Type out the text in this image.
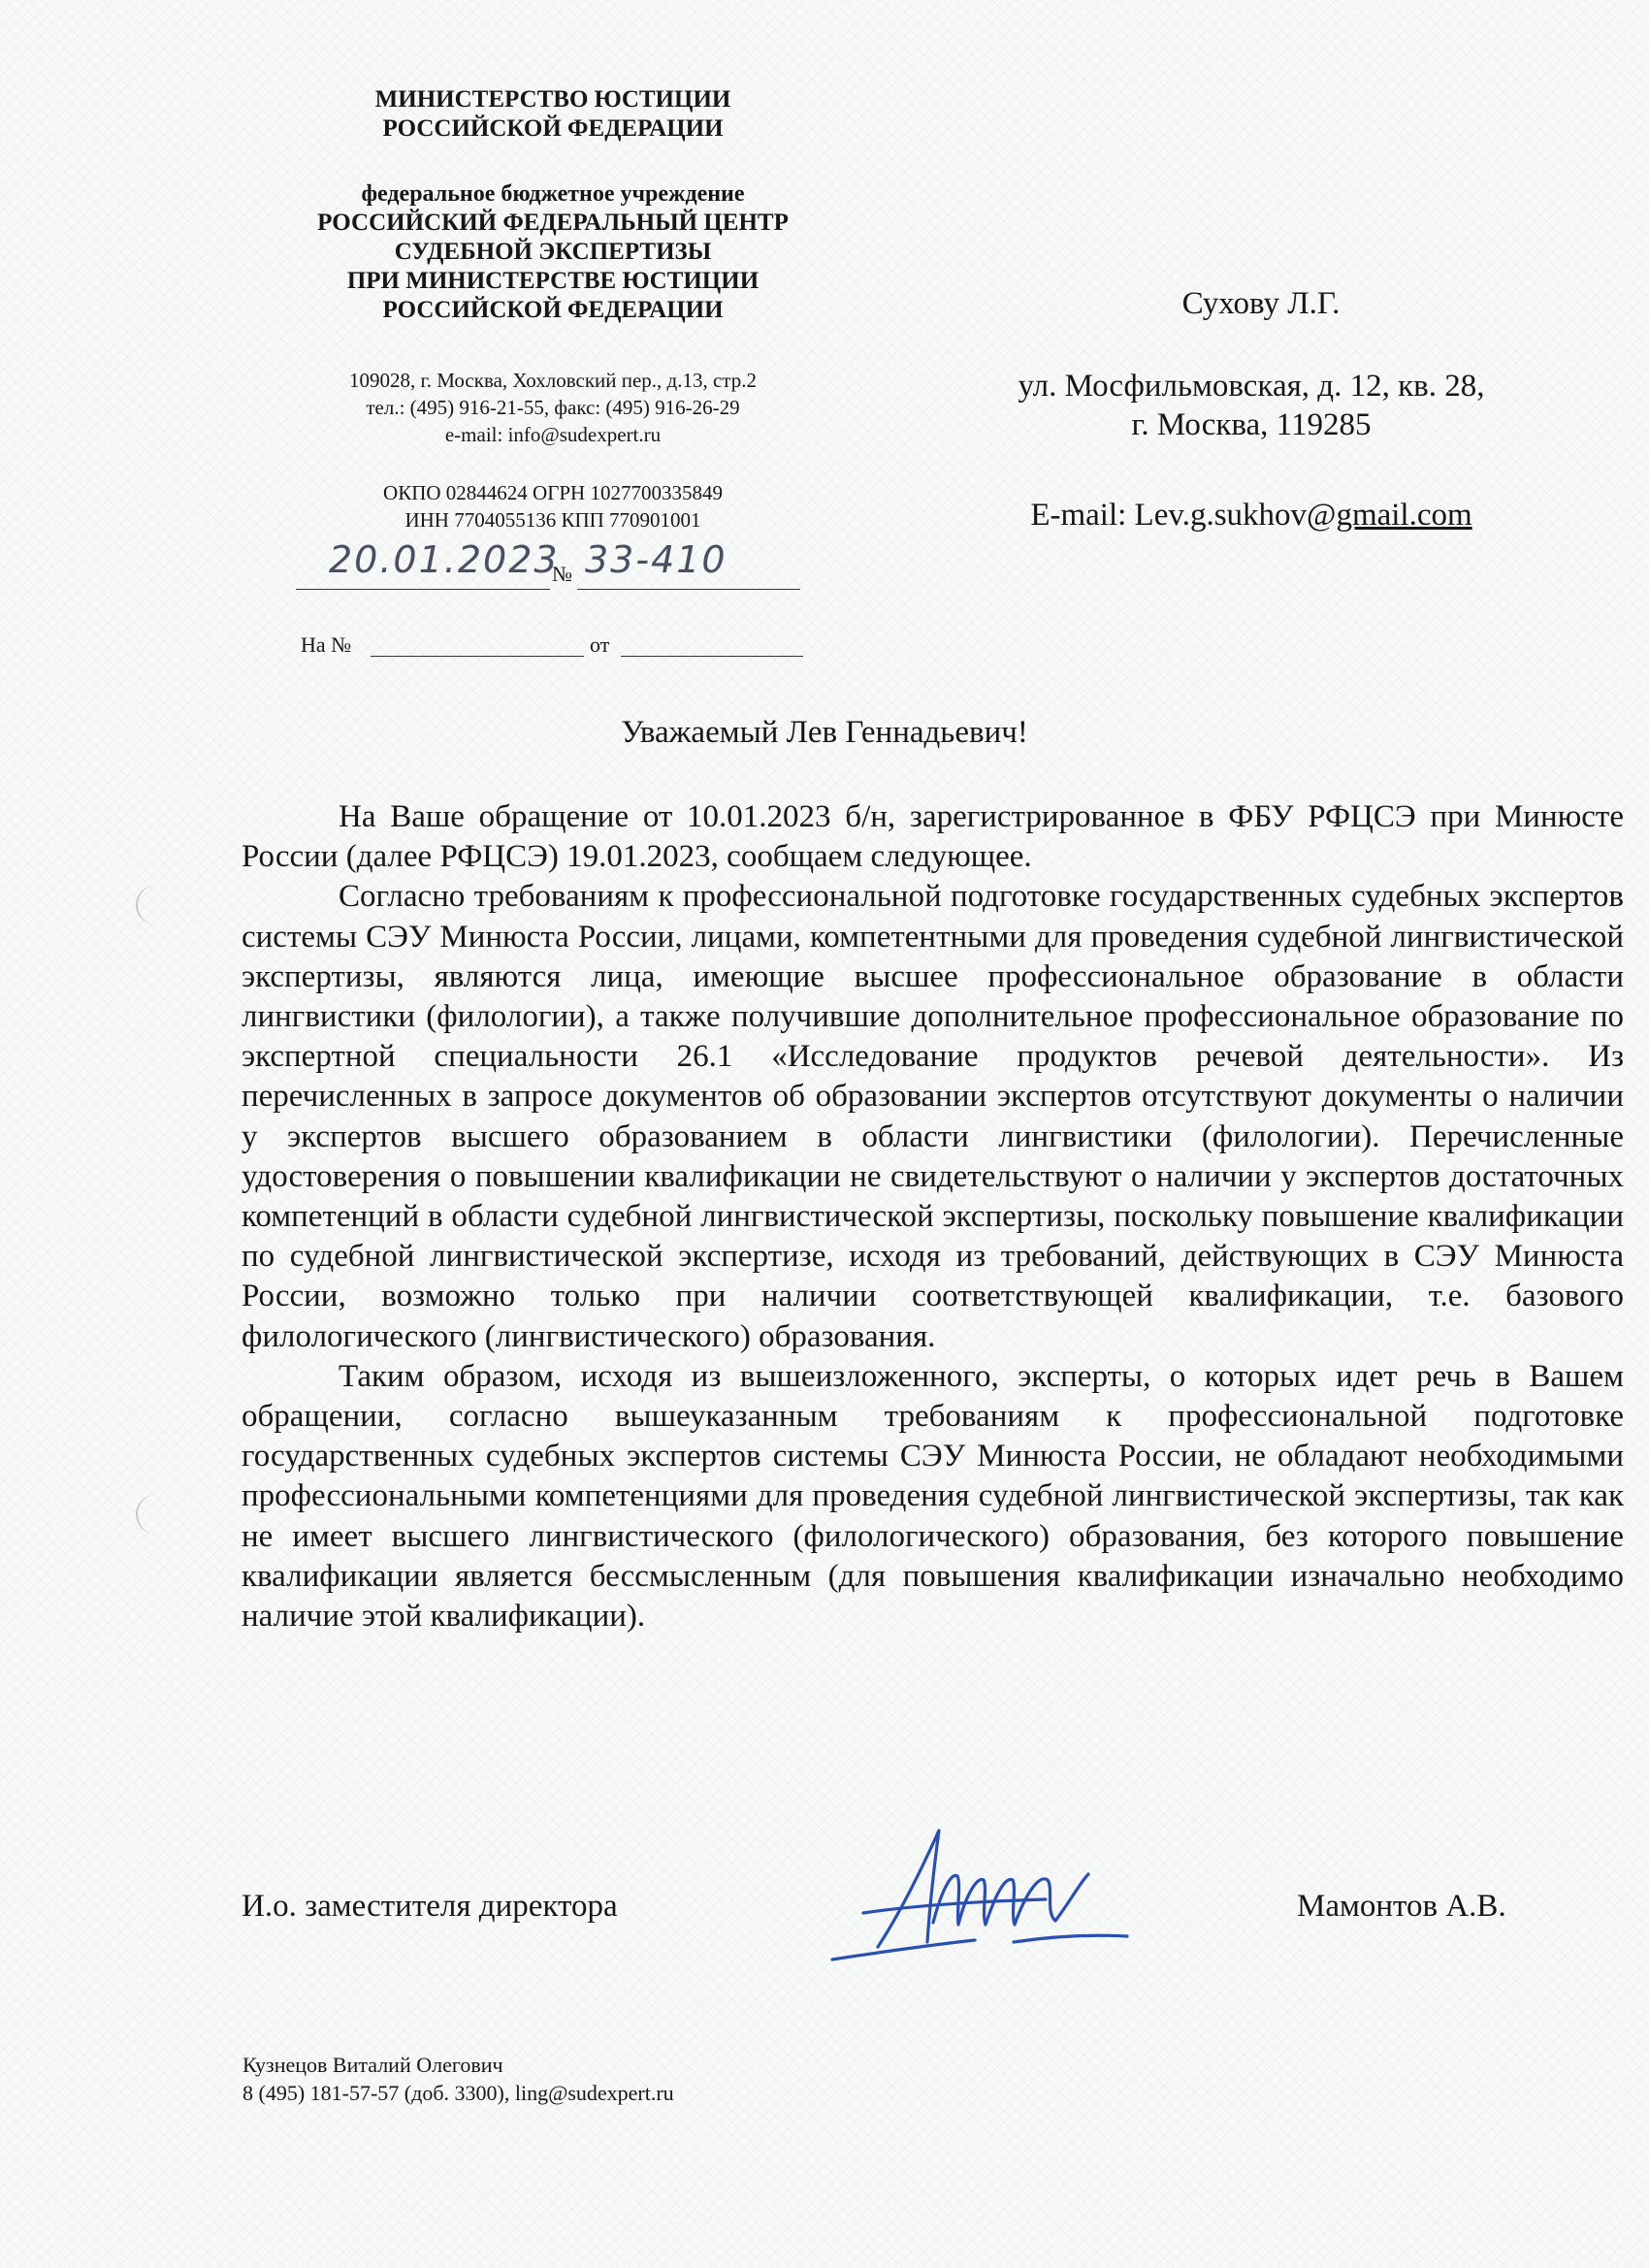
МИНИСТЕРСТВО ЮСТИЦИИ
РОССИЙСКОЙ ФЕДЕРАЦИИ
федеральное бюджетное учреждение
РОССИЙСКИЙ ФЕДЕРАЛЬНЫЙ ЦЕНТР
СУДЕБНОЙ ЭКСПЕРТИЗЫ
ПРИ МИНИСТЕРСТВЕ ЮСТИЦИИ
РОССИЙСКОЙ ФЕДЕРАЦИИ
109028, г. Москва, Хохловский пер., д.13, стр.2
тел.: (495) 916-21-55, факс: (495) 916-26-29
e-mail: info@sudexpert.ru
ОКПО 02844624 ОГРН 1027700335849
ИНН 7704055136 КПП 770901001
20.01.2023
№ 33-410
На №	от
Сухову Л.Г.
ул. Мосфильмовская, д. 12, кв. 28,
г. Москва, 119285
E-mail: Lev.g.sukhov@gmail.com
Уважаемый Лев Геннадьевич!

На Ваше обращение от 10.01.2023 б/н, зарегистрированное в ФБУ РФЦСЭ при Минюсте России (далее РФЦСЭ) 19.01.2023, сообщаем следующее.

Согласно требованиям к профессиональной подготовке государственных судебных экспертов системы СЭУ Минюста России, лицами, компетентными для проведения судебной лингвистической экспертизы, являются лица, имеющие высшее профессиональное образование в области лингвистики (филологии), а также получившие дополнительное профессиональное образование по экспертной специальности 26.1 «Исследование продуктов речевой деятельности». Из перечисленных в запросе документов об образовании экспертов отсутствуют документы о наличии у экспертов высшего образованием в области лингвистики (филологии). Перечисленные удостоверения о повышении квалификации не свидетельствуют о наличии у экспертов достаточных компетенций в области судебной лингвистической экспертизы, поскольку повышение квалификации по судебной лингвистической экспертизе, исходя из требований, действующих в СЭУ Минюста России, возможно только при наличии соответствующей квалификации, т.е. базового филологического (лингвистического) образования.

Таким образом, исходя из вышеизложенного, эксперты, о которых идет речь в Вашем обращении, согласно вышеуказанным требованиям к профессиональной подготовке государственных судебных экспертов системы СЭУ Минюста России, не обладают необходимыми профессиональными компетенциями для проведения судебной лингвистической экспертизы, так как не имеет высшего лингвистического (филологического) образования, без которого повышение квалификации является бессмысленным (для повышения квалификации изначально необходимо наличие этой квалификации).

И.о. заместителя директора	Мамонтов А.В.
Кузнецов Виталий Олегович
8 (495) 181-57-57 (доб. 3300), ling@sudexpert.ru
